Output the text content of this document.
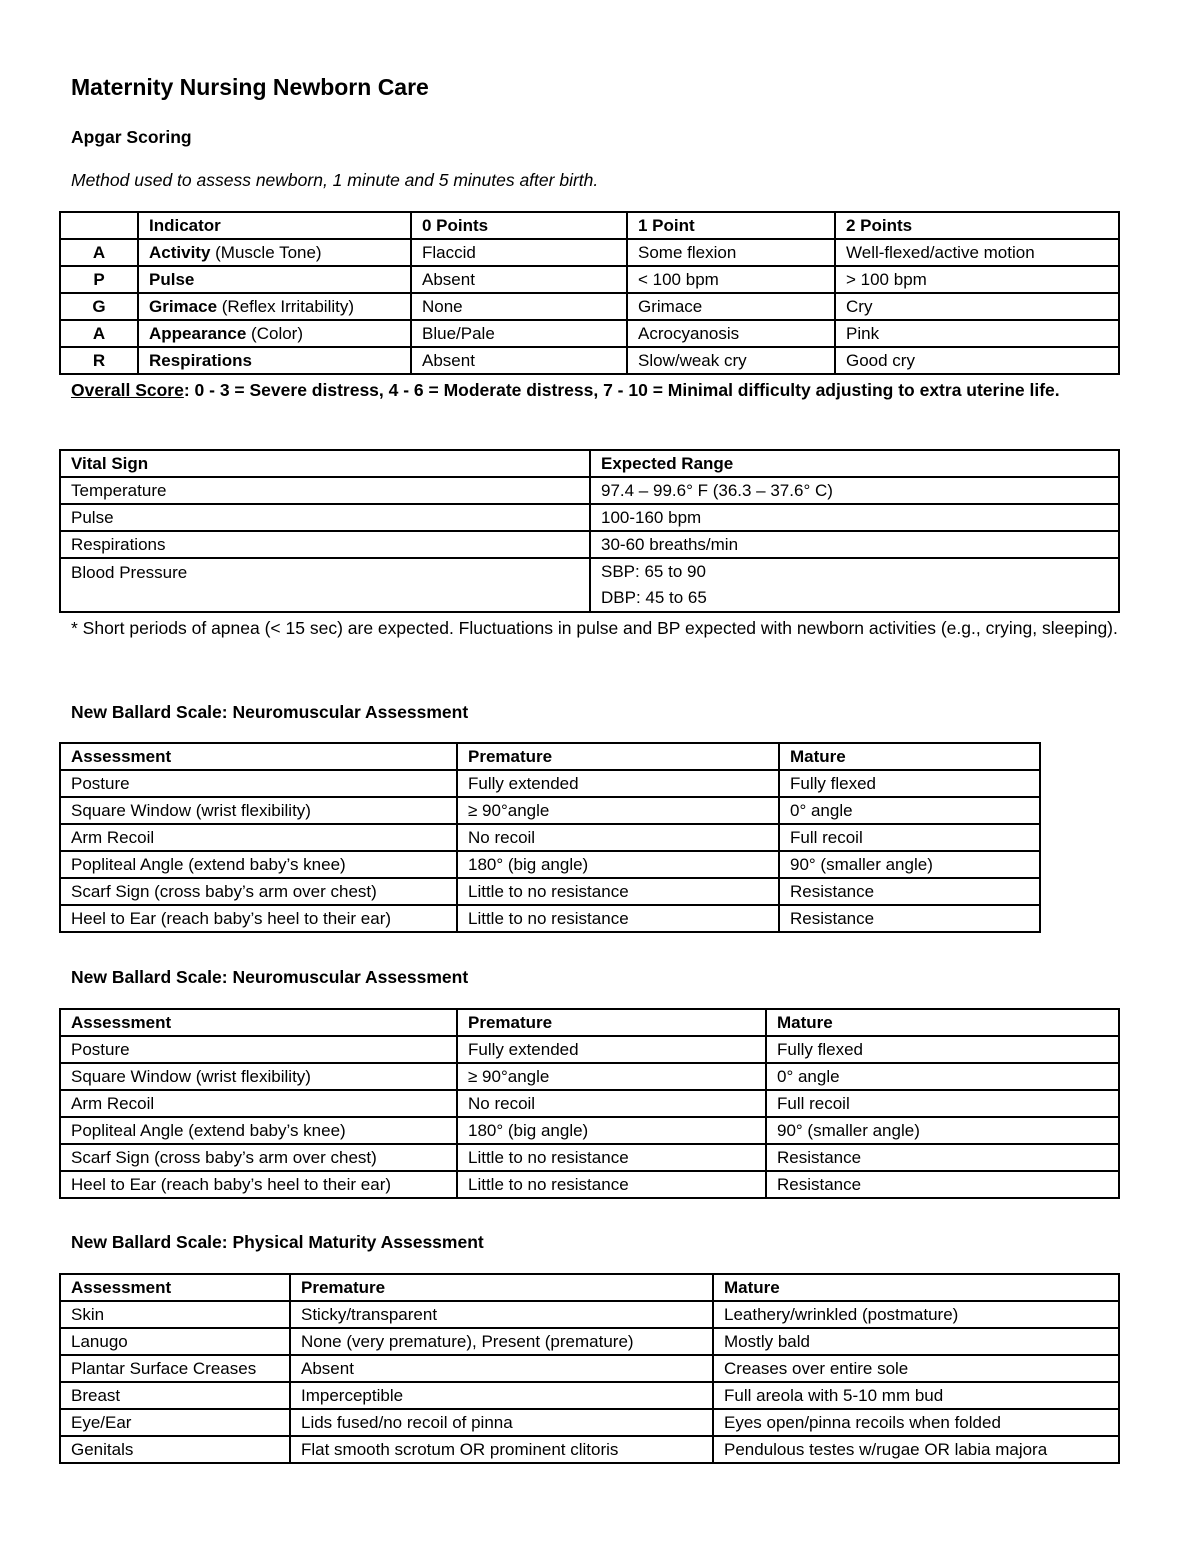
Maternity Nursing Newborn Care
Apgar Scoring
Method used to assess newborn, 1 minute and 5 minutes after birth.
	Indicator	0 Points	1 Point	2 Points
A	Activity (Muscle Tone)	Flaccid	Some flexion	Well-flexed/active motion
P	Pulse	Absent	< 100 bpm	> 100 bpm
G	Grimace (Reflex Irritability)	None	Grimace	Cry
A	Appearance (Color)	Blue/Pale	Acrocyanosis	Pink
R	Respirations	Absent	Slow/weak cry	Good cry
Overall Score: 0 - 3 = Severe distress, 4 - 6 = Moderate distress, 7 - 10 = Minimal difficulty adjusting to extra uterine life.
Vital Sign	Expected Range
Temperature	97.4 – 99.6° F (36.3 – 37.6° C)
Pulse	100-160 bpm
Respirations	30-60 breaths/min
Blood Pressure	SBP: 65 to 90
DBP: 45 to 65
* Short periods of apnea (< 15 sec) are expected. Fluctuations in pulse and BP expected with newborn activities (e.g., crying, sleeping).
New Ballard Scale: Neuromuscular Assessment
Assessment	Premature	Mature
Posture	Fully extended	Fully flexed
Square Window (wrist flexibility)	≥ 90°angle	0° angle
Arm Recoil	No recoil	Full recoil
Popliteal Angle (extend baby’s knee)	180° (big angle)	90° (smaller angle)
Scarf Sign (cross baby’s arm over chest)	Little to no resistance	Resistance
Heel to Ear (reach baby’s heel to their ear)	Little to no resistance	Resistance
New Ballard Scale: Neuromuscular Assessment
Assessment	Premature	Mature
Posture	Fully extended	Fully flexed
Square Window (wrist flexibility)	≥ 90°angle	0° angle
Arm Recoil	No recoil	Full recoil
Popliteal Angle (extend baby’s knee)	180° (big angle)	90° (smaller angle)
Scarf Sign (cross baby’s arm over chest)	Little to no resistance	Resistance
Heel to Ear (reach baby’s heel to their ear)	Little to no resistance	Resistance
New Ballard Scale: Physical Maturity Assessment
Assessment	Premature	Mature
Skin	Sticky/transparent	Leathery/wrinkled (postmature)
Lanugo	None (very premature), Present (premature)	Mostly bald
Plantar Surface Creases	Absent	Creases over entire sole
Breast	Imperceptible	Full areola with 5-10 mm bud
Eye/Ear	Lids fused/no recoil of pinna	Eyes open/pinna recoils when folded
Genitals	Flat smooth scrotum OR prominent clitoris	Pendulous testes w/rugae OR labia majora
